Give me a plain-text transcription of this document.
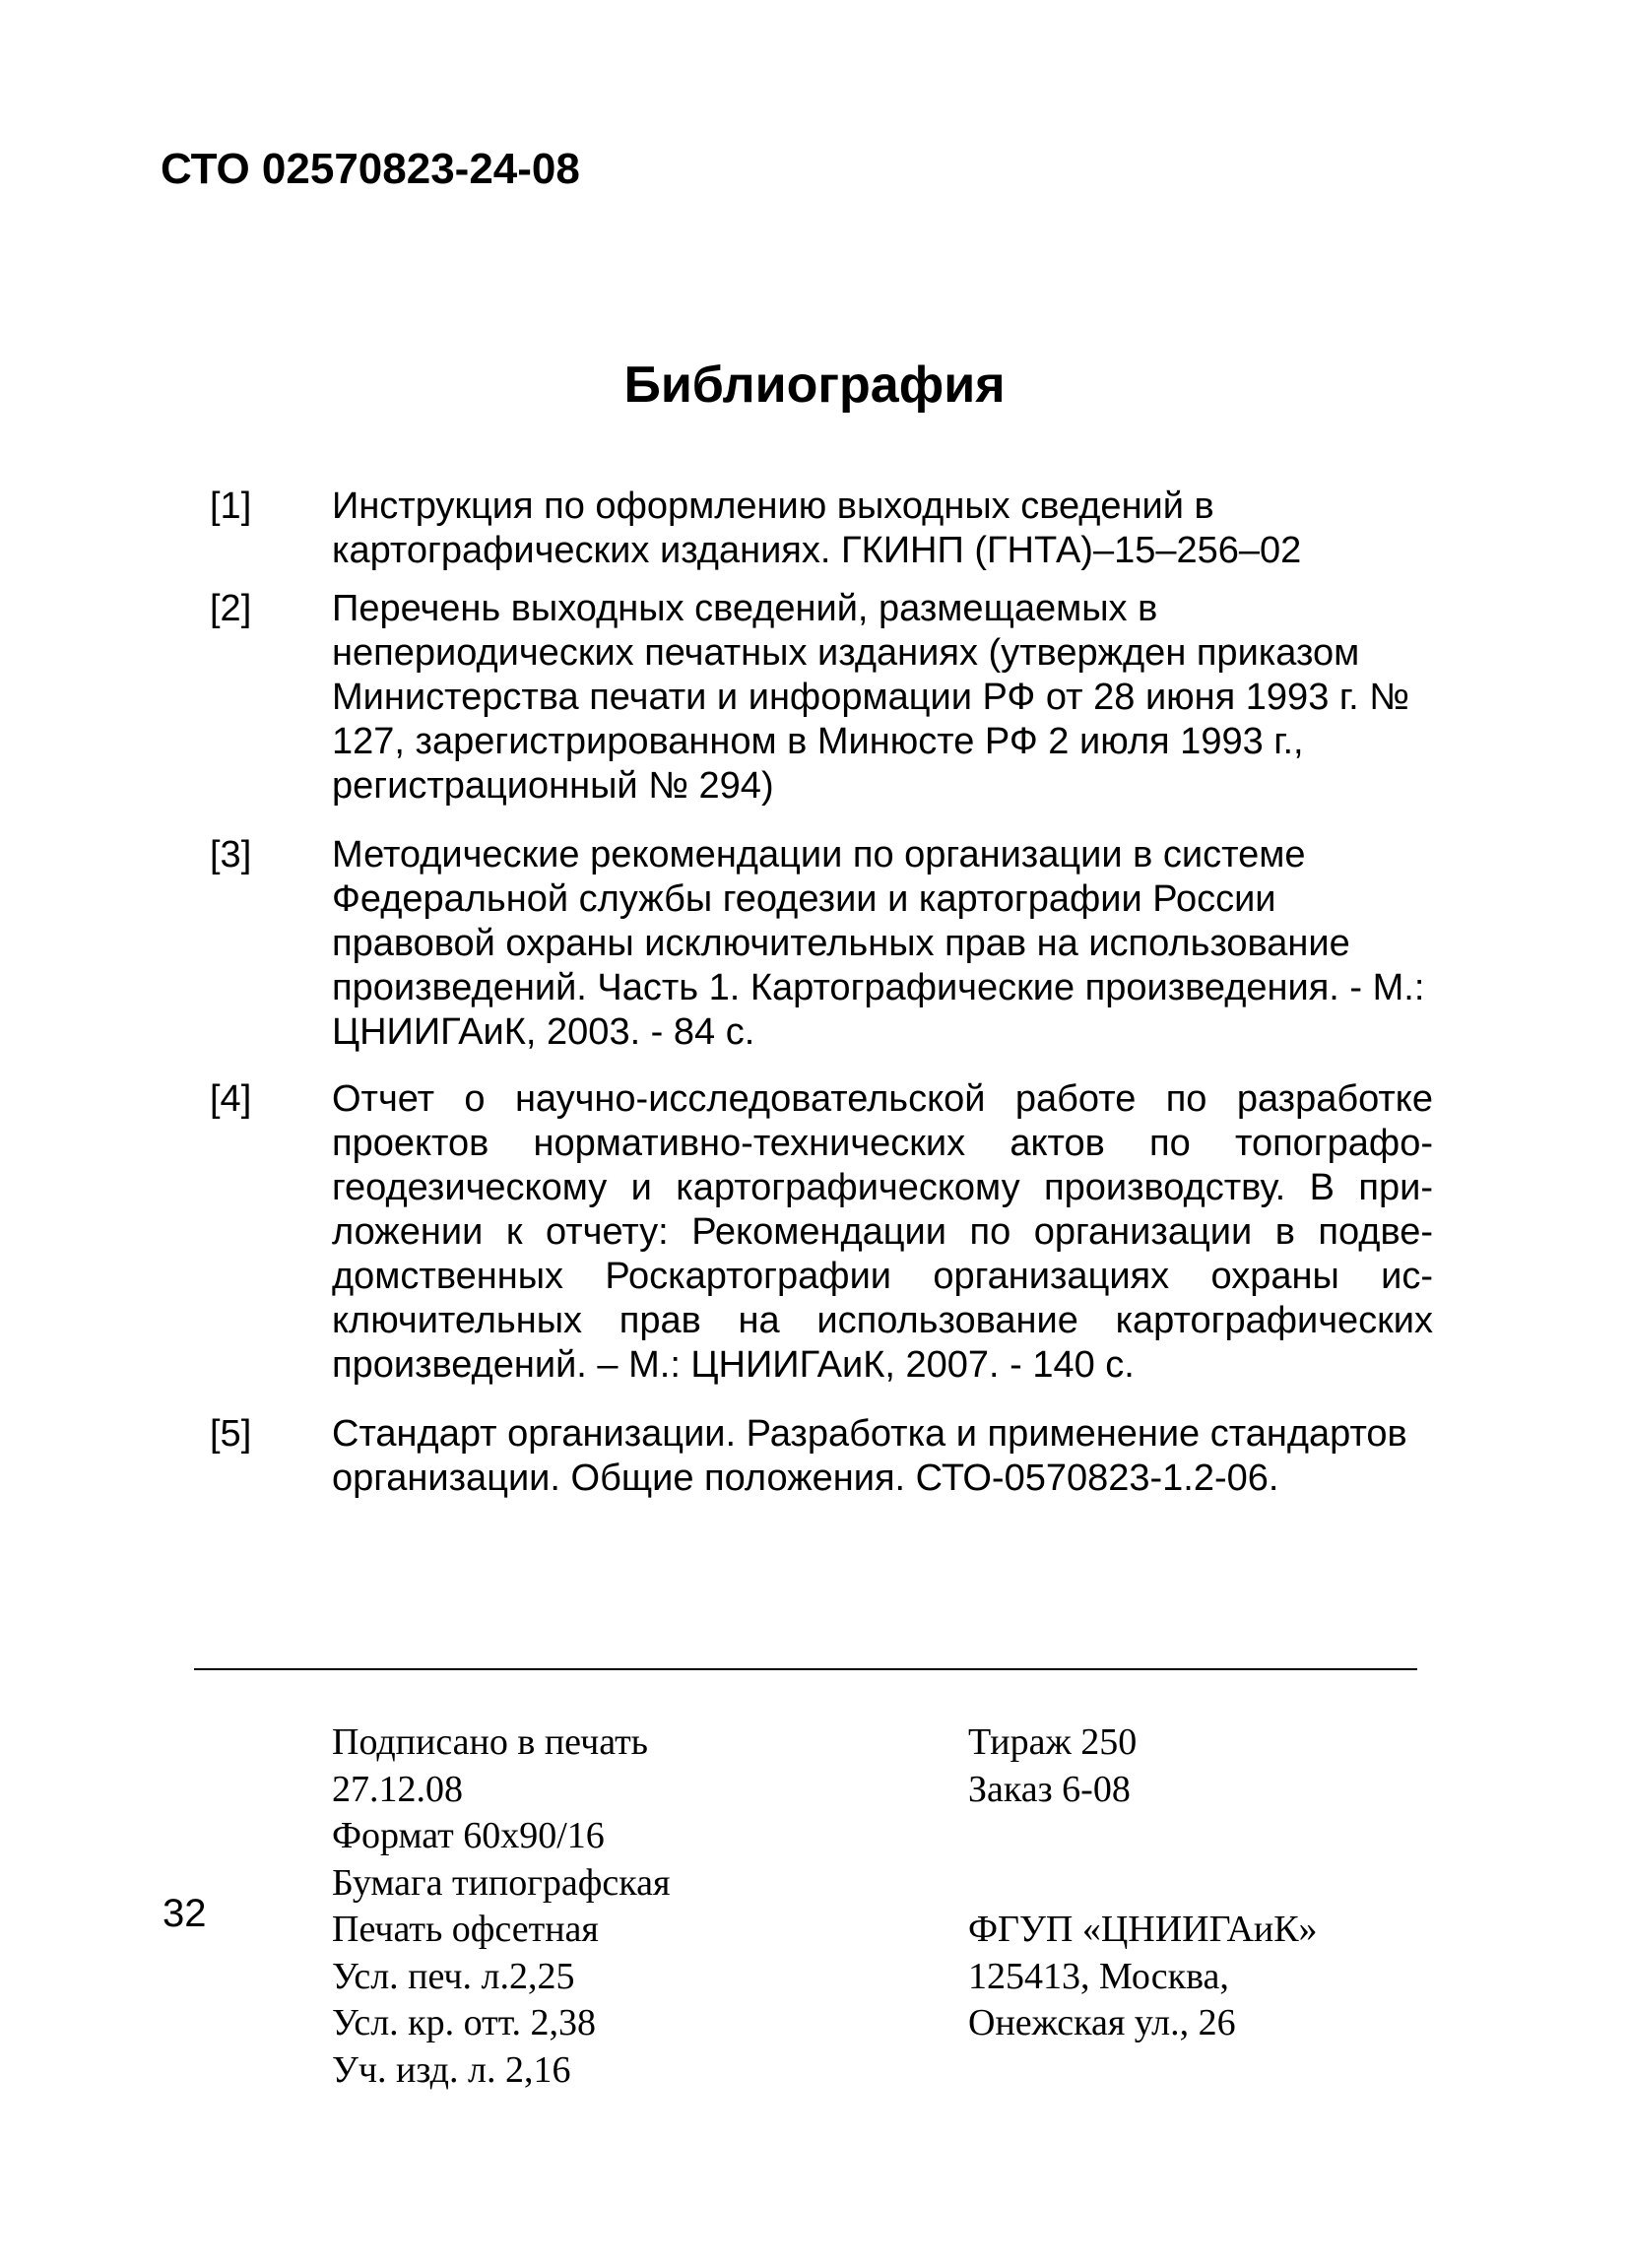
СТО 02570823-24-08
Библиография
[1]	Инструкция по оформлению выходных сведений в картографических изданиях. ГКИНП (ГНТА)–15–256–02
[2]	Перечень выходных сведений, размещаемых в непериодических печатных изданиях (утвержден приказом Министерства печати и информации РФ от 28 июня 1993 г. № 127, зарегистрированном в Минюсте РФ 2 июля 1993 г., регистрационный № 294)
[3]	Методические рекомендации по организации в системе Федеральной службы геодезии и картографии России правовой охраны исключительных прав на использование произведений. Часть 1. Картографические произведения. - М.: ЦНИИГАиК, 2003. - 84 с.
[4]	Отчет о научно-исследовательской работе по разработке проектов нормативно-технических актов по топографогеодезическому и картографическому производству. В приложении к отчету: Рекомендации по организации в подведомственных Роскартографии организациях охраны исключительных прав на использование картографических произведений. – М.: ЦНИИГАиК, 2007. - 140 с.
[5]	Стандарт организации. Разработка и применение стандартов организации. Общие положения. СТО-0570823-1.2-06.
32
Подписано в печать
27.12.08
Формат 60х90/16
Бумага типографская
Печать офсетная
Усл. печ. л.2,25
Усл. кр. отт. 2,38
Уч. изд. л. 2,16
Тираж 250
Заказ 6-08
ФГУП «ЦНИИГАиК»
125413, Москва,
Онежская ул., 26
